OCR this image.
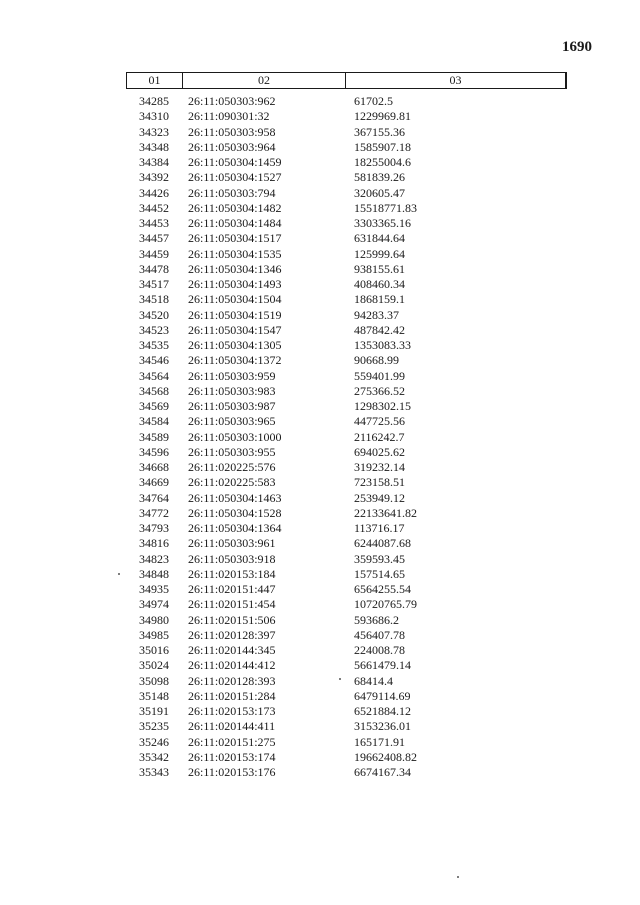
1690
01	02	03
34285	26:11:050303:962	61702.5
34310	26:11:090301:32	1229969.81
34323	26:11:050303:958	367155.36
34348	26:11:050303:964	1585907.18
34384	26:11:050304:1459	18255004.6
34392	26:11:050304:1527	581839.26
34426	26:11:050303:794	320605.47
34452	26:11:050304:1482	15518771.83
34453	26:11:050304:1484	3303365.16
34457	26:11:050304:1517	631844.64
34459	26:11:050304:1535	125999.64
34478	26:11:050304:1346	938155.61
34517	26:11:050304:1493	408460.34
34518	26:11:050304:1504	1868159.1
34520	26:11:050304:1519	94283.37
34523	26:11:050304:1547	487842.42
34535	26:11:050304:1305	1353083.33
34546	26:11:050304:1372	90668.99
34564	26:11:050303:959	559401.99
34568	26:11:050303:983	275366.52
34569	26:11:050303:987	1298302.15
34584	26:11:050303:965	447725.56
34589	26:11:050303:1000	2116242.7
34596	26:11:050303:955	694025.62
34668	26:11:020225:576	319232.14
34669	26:11:020225:583	723158.51
34764	26:11:050304:1463	253949.12
34772	26:11:050304:1528	22133641.82
34793	26:11:050304:1364	113716.17
34816	26:11:050303:961	6244087.68
34823	26:11:050303:918	359593.45
34848	26:11:020153:184	157514.65
34935	26:11:020151:447	6564255.54
34974	26:11:020151:454	10720765.79
34980	26:11:020151:506	593686.2
34985	26:11:020128:397	456407.78
35016	26:11:020144:345	224008.78
35024	26:11:020144:412	5661479.14
35098	26:11:020128:393	68414.4
35148	26:11:020151:284	6479114.69
35191	26:11:020153:173	6521884.12
35235	26:11:020144:411	3153236.01
35246	26:11:020151:275	165171.91
35342	26:11:020153:174	19662408.82
35343	26:11:020153:176	6674167.34
